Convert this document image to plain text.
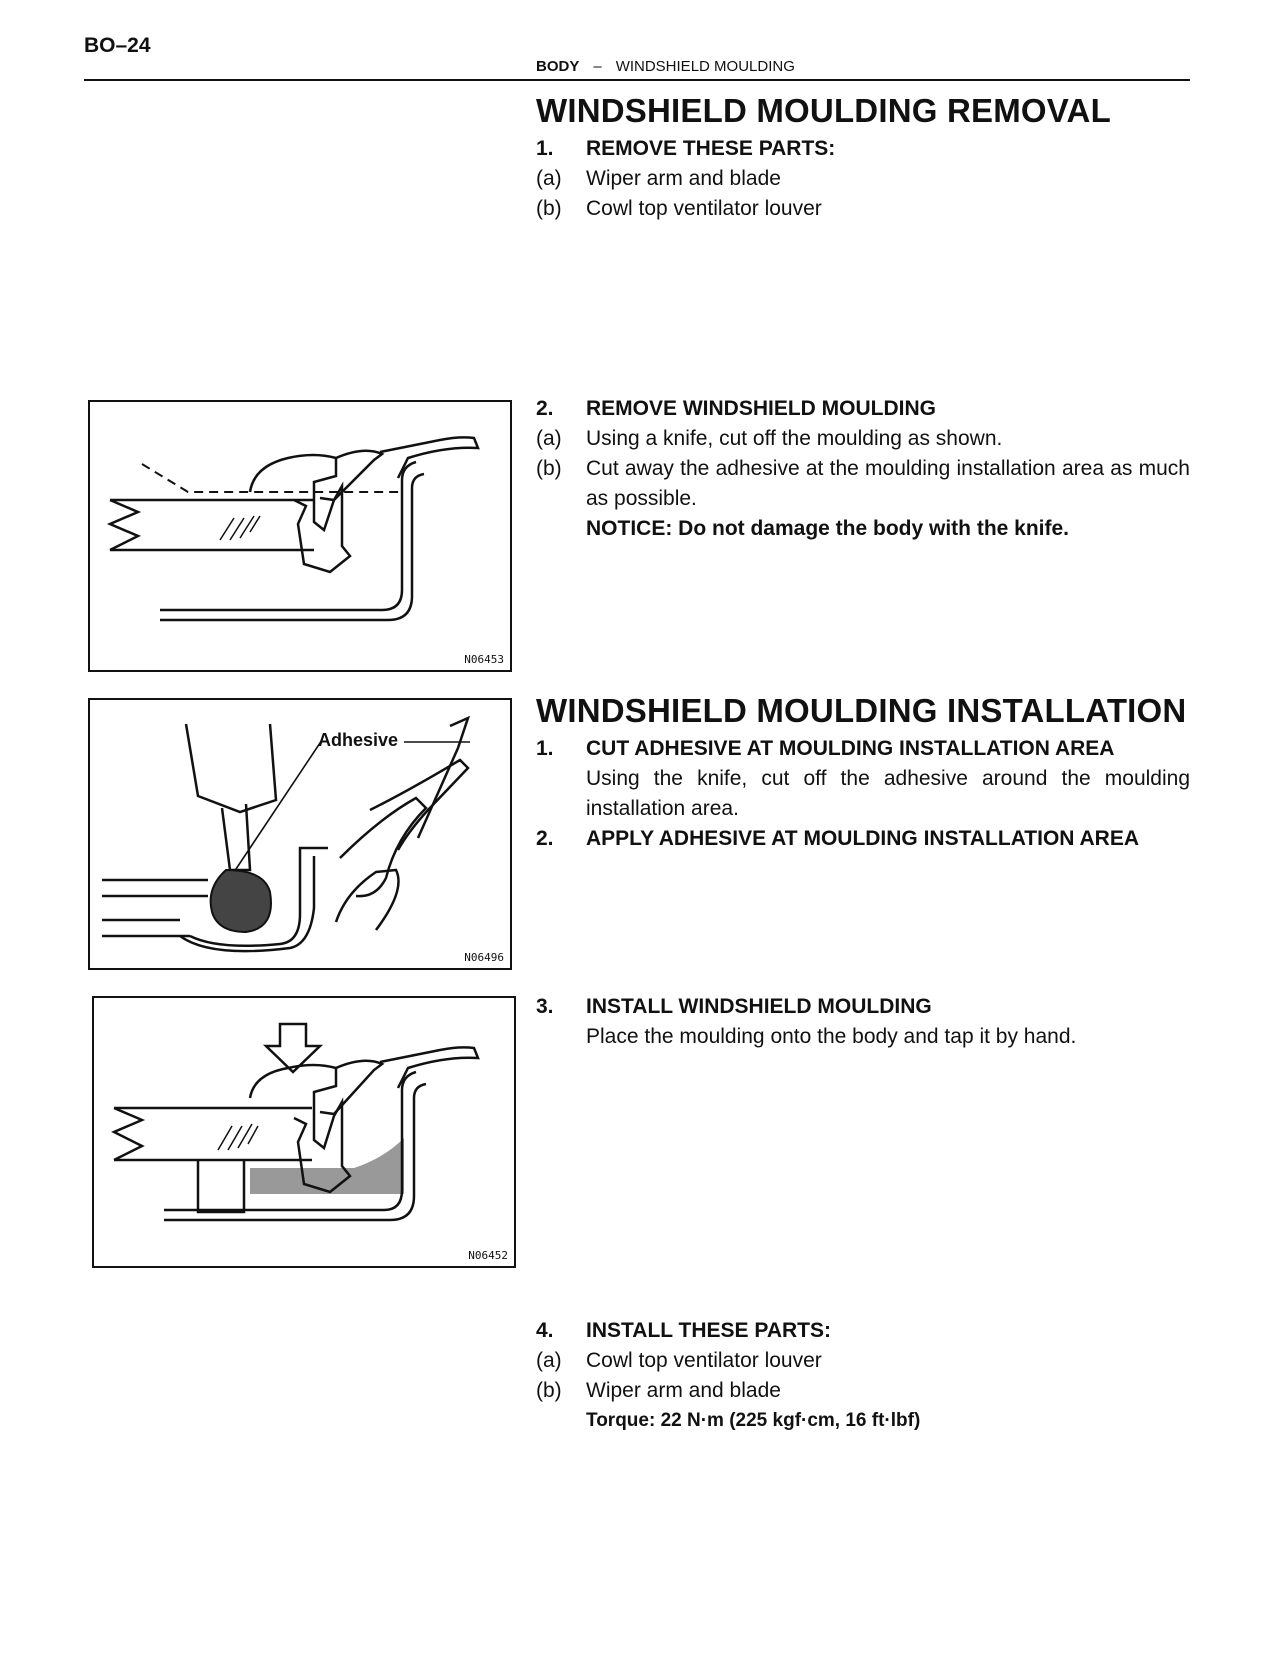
BO–24
BODY – WINDSHIELD MOULDING
WINDSHIELD MOULDING REMOVAL
1.	REMOVE THESE PARTS:
(a)	Wiper arm and blade
(b)	Cowl top ventilator louver
2.	REMOVE WINDSHIELD MOULDING
(a)	Using a knife, cut off the moulding as shown.
(b)	Cut away the adhesive at the moulding installation area as much as possible.
NOTICE: Do not damage the body with the knife.
WINDSHIELD MOULDING INSTALLATION
1.	CUT ADHESIVE AT MOULDING INSTALLATION AREA
Using the knife, cut off the adhesive around the moulding installation area.
2.	APPLY ADHESIVE AT MOULDING INSTALLATION AREA
3.	INSTALL WINDSHIELD MOULDING
Place the moulding onto the body and tap it by hand.
4.	INSTALL THESE PARTS:
(a)	Cowl top ventilator louver
(b)	Wiper arm and blade
Torque: 22 N·m (225 kgf·cm, 16 ft·lbf)
N06453
Adhesive
N06496
N06452
